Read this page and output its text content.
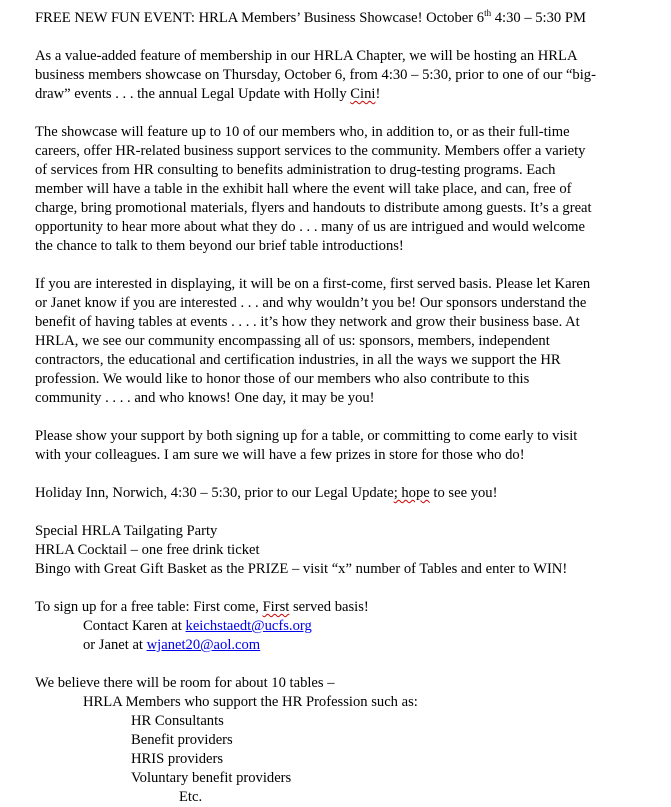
FREE NEW FUN EVENT: HRLA Members’ Business Showcase! October 6th 4:30 – 5:30 PM
As a value-added feature of membership in our HRLA Chapter, we will be hosting an HRLA
business members showcase on Thursday, October 6, from 4:30 – 5:30, prior to one of our “big-
draw” events . . . the annual Legal Update with Holly Cini!
The showcase will feature up to 10 of our members who, in addition to, or as their full-time
careers, offer HR-related business support services to the community. Members offer a variety
of services from HR consulting to benefits administration to drug-testing programs. Each
member will have a table in the exhibit hall where the event will take place, and can, free of
charge, bring promotional materials, flyers and handouts to distribute among guests. It’s a great
opportunity to hear more about what they do . . . many of us are intrigued and would welcome
the chance to talk to them beyond our brief table introductions!
If you are interested in displaying, it will be on a first-come, first served basis. Please let Karen
or Janet know if you are interested . . . and why wouldn’t you be! Our sponsors understand the
benefit of having tables at events . . . . it’s how they network and grow their business base. At
HRLA, we see our community encompassing all of us: sponsors, members, independent
contractors, the educational and certification industries, in all the ways we support the HR
profession. We would like to honor those of our members who also contribute to this
community . . . . and who knows! One day, it may be you!
Please show your support by both signing up for a table, or committing to come early to visit
with your colleagues. I am sure we will have a few prizes in store for those who do!
Holiday Inn, Norwich, 4:30 – 5:30, prior to our Legal Update; hope to see you!
Special HRLA Tailgating Party
HRLA Cocktail – one free drink ticket
Bingo with Great Gift Basket as the PRIZE – visit “x” number of Tables and enter to WIN!
To sign up for a free table: First come, First served basis!
Contact Karen at keichstaedt@ucfs.org
or Janet at wjanet20@aol.com
We believe there will be room for about 10 tables –
HRLA Members who support the HR Profession such as:
HR Consultants
Benefit providers
HRIS providers
Voluntary benefit providers
Etc.
